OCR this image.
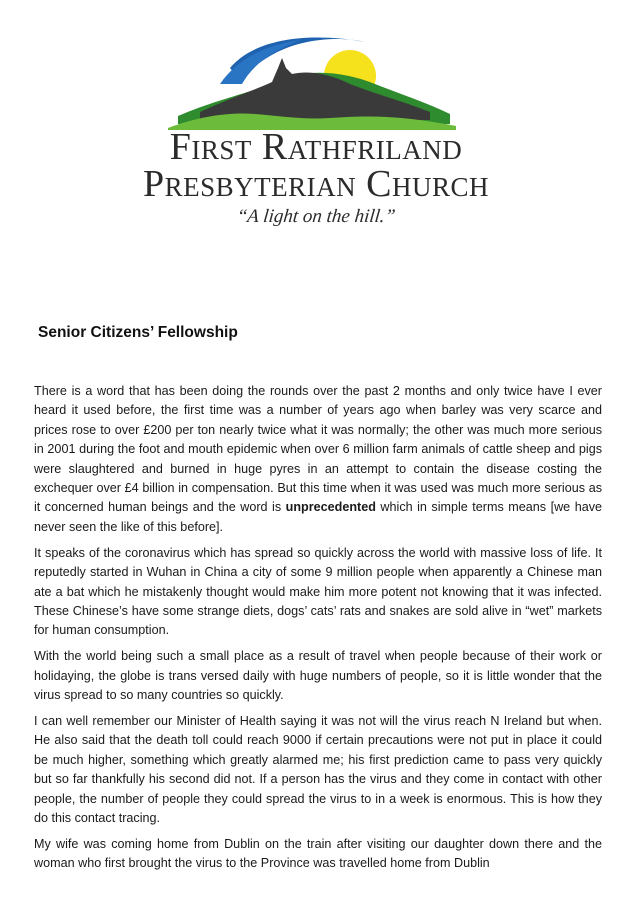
First Rathfriland
Presbyterian Church
“A light on the hill.”
Senior Citizens’ Fellowship

There is a word that has been doing the rounds over the past 2 months and only twice have I ever heard it used before, the first time was a number of years ago when barley was very scarce and prices rose to over £200 per ton nearly twice what it was normally; the other was much more serious in 2001 during the foot and mouth epidemic when over 6 million farm animals of cattle sheep and pigs were slaughtered and burned in huge pyres in an attempt to contain the disease costing the exchequer over £4 billion in compensation. But this time when it was used was much more serious as it concerned human beings and the word is unprecedented which in simple terms means [we have never seen the like of this before].

It speaks of the coronavirus which has spread so quickly across the world with massive loss of life. It reputedly started in Wuhan in China a city of some 9 million people when apparently a Chinese man ate a bat which he mistakenly thought would make him more potent not knowing that it was infected. These Chinese’s have some strange diets, dogs’ cats’ rats and snakes are sold alive in “wet” markets for human consumption.

With the world being such a small place as a result of travel when people because of their work or holidaying, the globe is trans versed daily with huge numbers of people, so it is little wonder that the virus spread to so many countries so quickly.

I can well remember our Minister of Health saying it was not will the virus reach N Ireland but when. He also said that the death toll could reach 9000 if certain precautions were not put in place it could be much higher, something which greatly alarmed me; his first prediction came to pass very quickly but so far thankfully his second did not. If a person has the virus and they come in contact with other people, the number of people they could spread the virus to in a week is enormous. This is how they do this contact tracing.

My wife was coming home from Dublin on the train after visiting our daughter down there and the woman who first brought the virus to the Province was travelled home from Dublin
